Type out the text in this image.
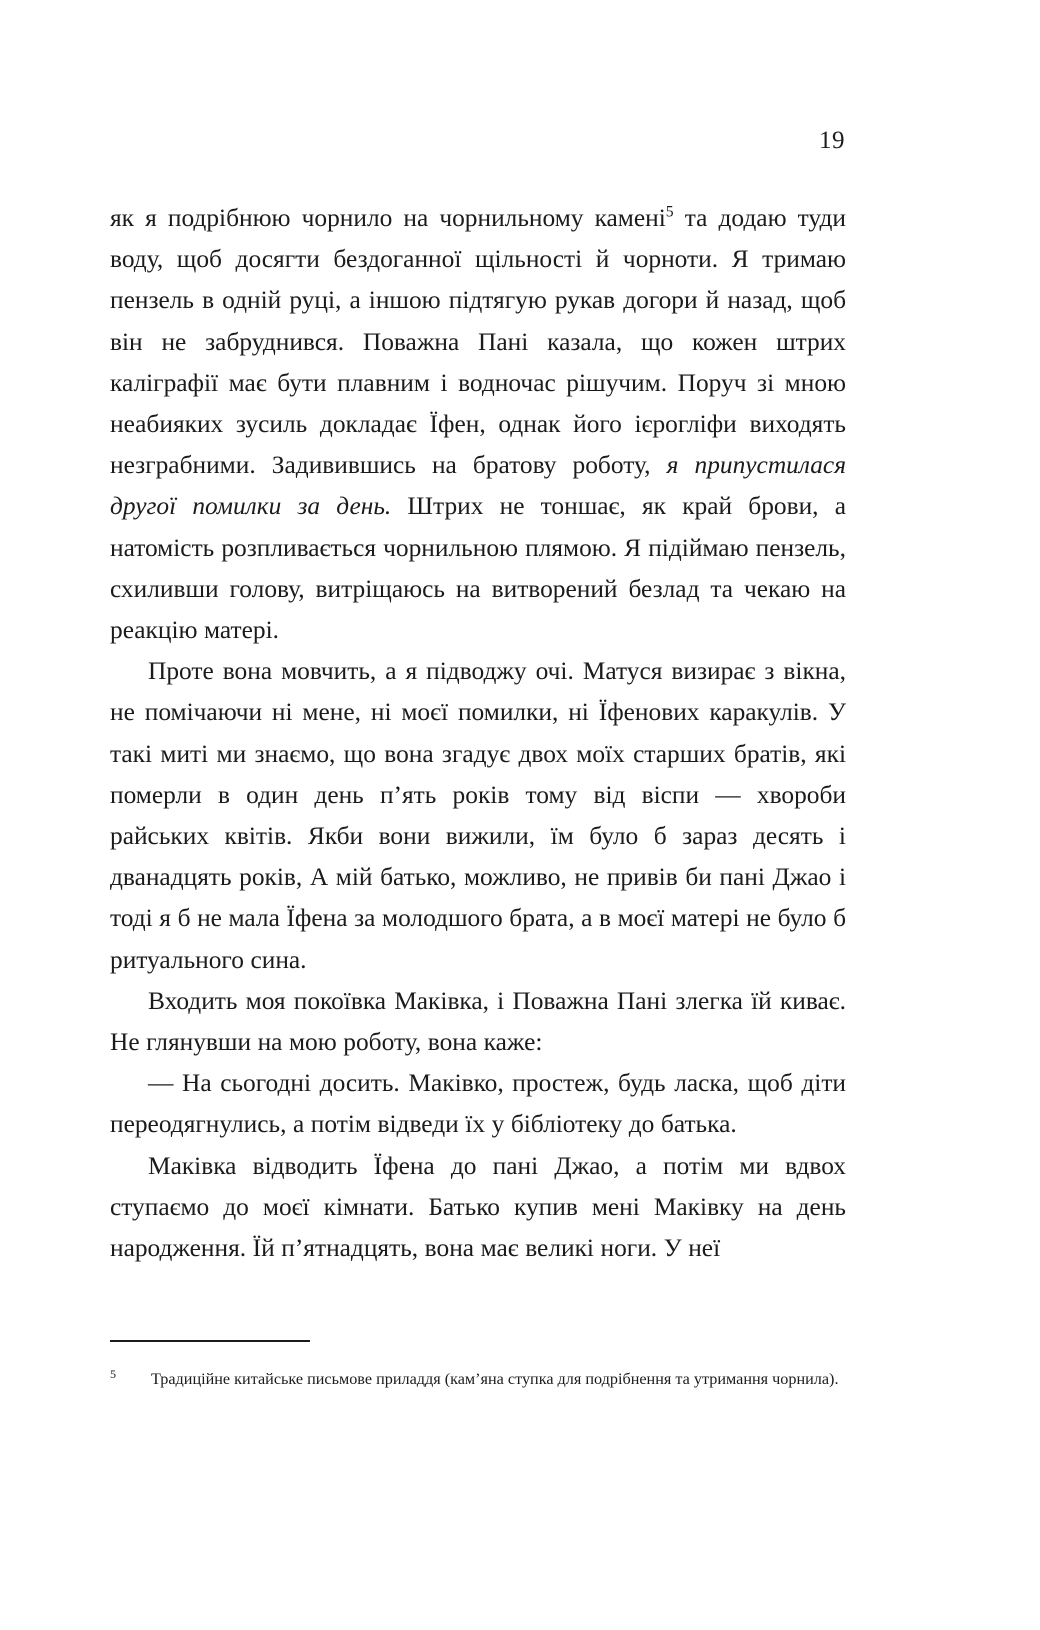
19

як я подрібнюю чорнило на чорнильному камені$^5$ та додаю туди воду, щоб досягти бездоганної щільності й чорноти. Я тримаю пензель в одній руці, а іншою підтягую рукав догори й назад, щоб він не забруднився. Поважна Пані казала, що кожен штрих каліграфії має бути плавним і водночас рішучим. Поруч зі мною неабияких зусиль докладає Їфен, однак його ієрогліфи виходять незграбними. Задивившись на братову роботу, я припустилася другої помилки за день. Штрих не тоншає, як край брови, а натомість розпливається чорнильною плямою. Я підіймаю пензель, схиливши голову, витріщаюсь на витворений безлад та чекаю на реакцію матері.

Проте вона мовчить, а я підводжу очі. Матуся визирає з вікна, не помічаючи ні мене, ні моєї помилки, ні Їфенових каракулів. У такі миті ми знаємо, що вона згадує двох моїх старших братів, які померли в один день п’ять років тому від віспи — хвороби райських квітів. Якби вони вижили, їм було б зараз десять і дванадцять років, А мій батько, можливо, не привів би пані Джао і тоді я б не мала Їфена за молодшого брата, а в моєї матері не було б ритуального сина.

Входить моя покоївка Маківка, і Поважна Пані злегка їй киває. Не глянувши на мою роботу, вона каже:

— На сьогодні досить. Маківко, простеж, будь ласка, щоб діти переодягнулись, а потім відведи їх у бібліотеку до батька.

Маківка відводить Їфена до пані Джао, а потім ми вдвох ступаємо до моєї кімнати. Батько купив мені Маківку на день народження. Їй п’ятнадцять, вона має великі ноги. У неї

5 Традиційне китайське письмове приладдя (кам’яна ступка для подрібнення та утримання чорнила).
